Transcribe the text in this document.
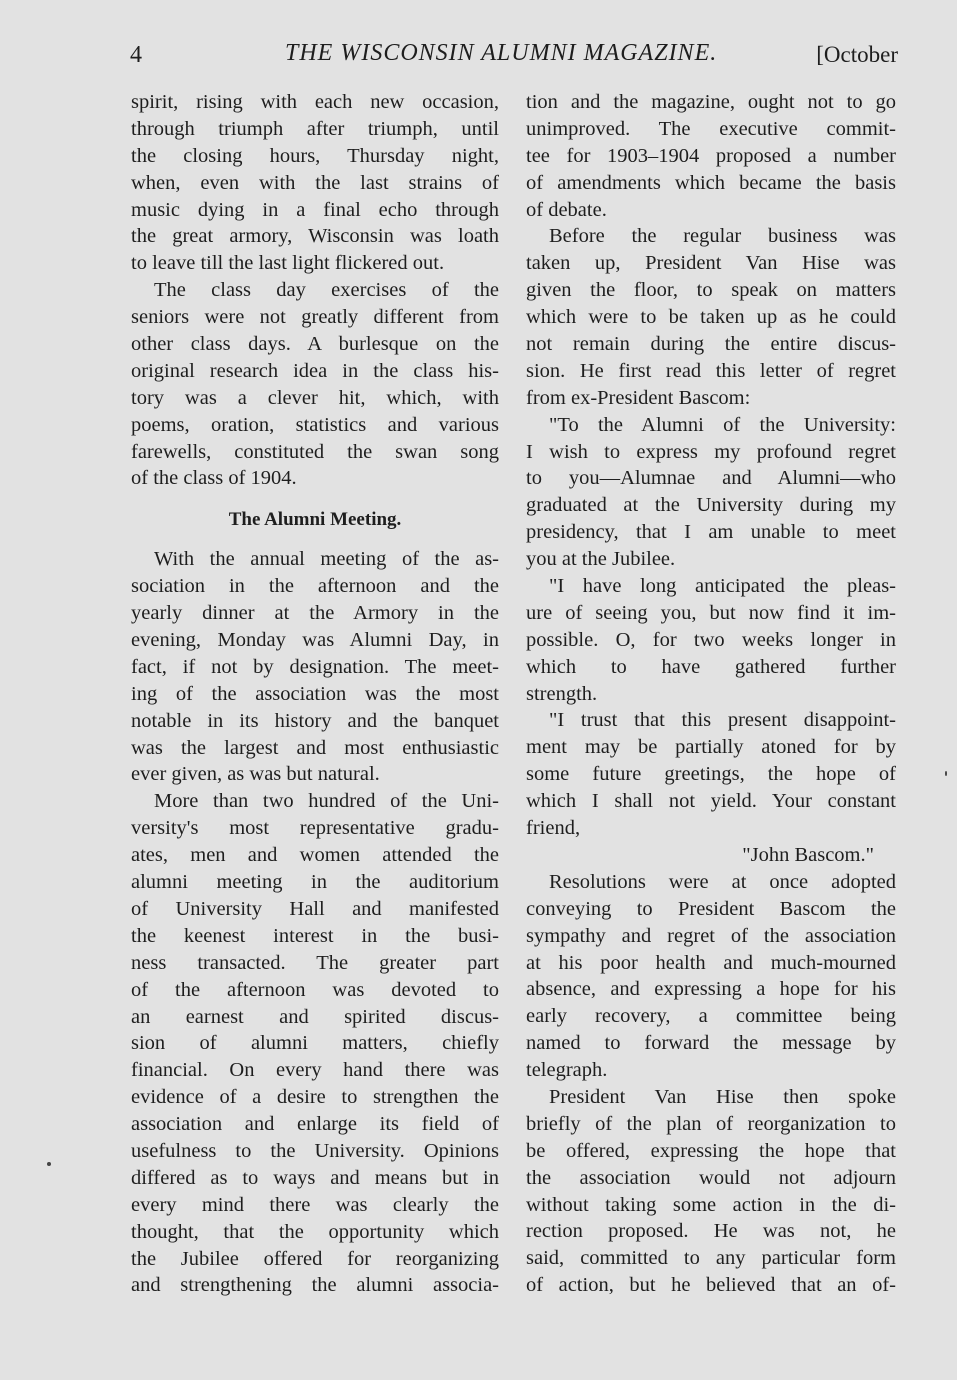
4	THE WISCONSIN ALUMNI MAGAZINE.	[October
spirit, rising with each new occasion,
through triumph after triumph, until
the closing hours, Thursday night,
when, even with the last strains of
music dying in a final echo through
the great armory, Wisconsin was loath
to leave till the last light flickered out.
The class day exercises of the
seniors were not greatly different from
other class days. A burlesque on the
original research idea in the class his-
tory was a clever hit, which, with
poems, oration, statistics and various
farewells, constituted the swan song
of the class of 1904.
The Alumni Meeting.
With the annual meeting of the as-
sociation in the afternoon and the
yearly dinner at the Armory in the
evening, Monday was Alumni Day, in
fact, if not by designation. The meet-
ing of the association was the most
notable in its history and the banquet
was the largest and most enthusiastic
ever given, as was but natural.
More than two hundred of the Uni-
versity's most representative gradu-
ates, men and women attended the
alumni meeting in the auditorium
of University Hall and manifested
the keenest interest in the busi-
ness transacted. The greater part
of the afternoon was devoted to
an earnest and spirited discus-
sion of alumni matters, chiefly
financial. On every hand there was
evidence of a desire to strengthen the
association and enlarge its field of
usefulness to the University. Opinions
differed as to ways and means but in
every mind there was clearly the
thought, that the opportunity which
the Jubilee offered for reorganizing
and strengthening the alumni associa-
tion and the magazine, ought not to go
unimproved. The executive commit-
tee for 1903–1904 proposed a number
of amendments which became the basis
of debate.
Before the regular business was
taken up, President Van Hise was
given the floor, to speak on matters
which were to be taken up as he could
not remain during the entire discus-
sion. He first read this letter of regret
from ex-President Bascom:
"To the Alumni of the University:
I wish to express my profound regret
to you—Alumnae and Alumni—who
graduated at the University during my
presidency, that I am unable to meet
you at the Jubilee.
"I have long anticipated the pleas-
ure of seeing you, but now find it im-
possible. O, for two weeks longer in
which to have gathered further
strength.
"I trust that this present disappoint-
ment may be partially atoned for by
some future greetings, the hope of
which I shall not yield. Your constant
friend,
"John Bascom."
Resolutions were at once adopted
conveying to President Bascom the
sympathy and regret of the association
at his poor health and much-mourned
absence, and expressing a hope for his
early recovery, a committee being
named to forward the message by
telegraph.
President Van Hise then spoke
briefly of the plan of reorganization to
be offered, expressing the hope that
the association would not adjourn
without taking some action in the di-
rection proposed. He was not, he
said, committed to any particular form
of action, but he believed that an of-
